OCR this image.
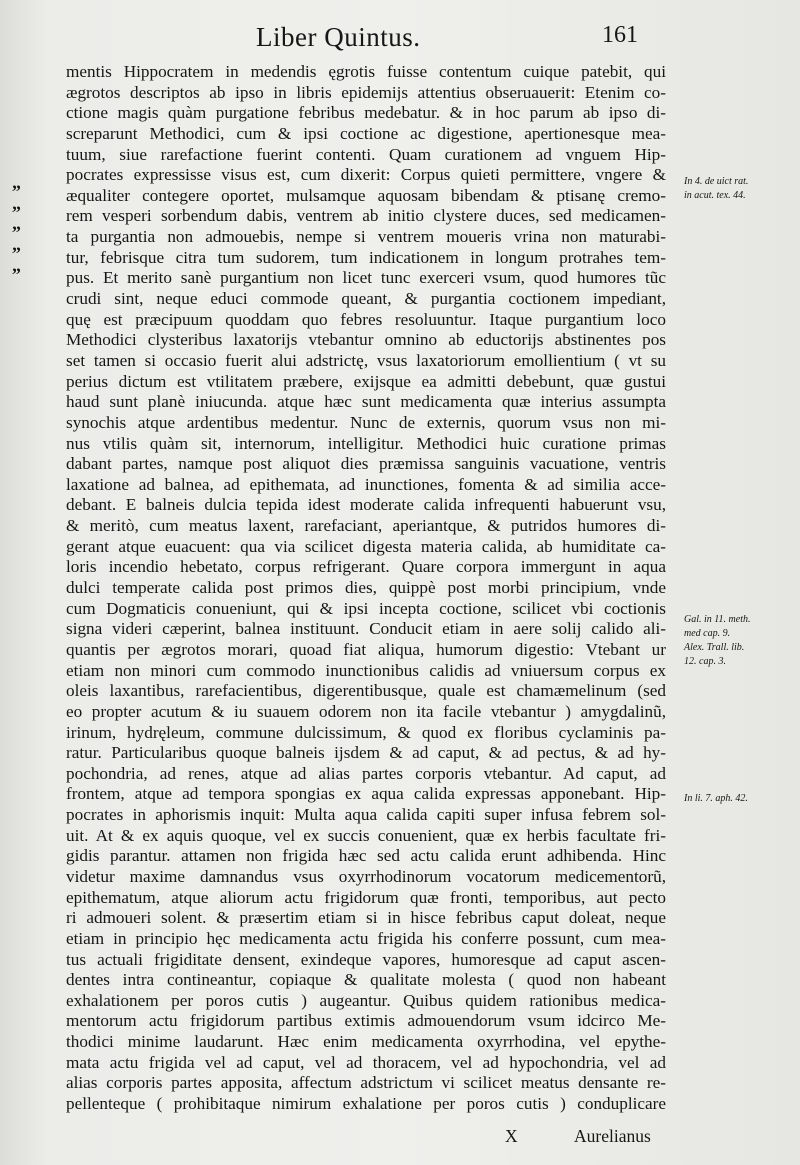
Liber Quintus.	161
„
„
„
„
„
mentis Hippocratem in medendis ęgrotis fuisse contentum cuique patebit, qui
ægrotos descriptos ab ipso in libris epidemijs attentius obseruauerit: Etenim co-
ctione magis quàm purgatione febribus medebatur. & in hoc parum ab ipso di-
screparunt Methodici, cum & ipsi coctione ac digestione, apertionesque mea-
tuum, siue rarefactione fuerint contenti. Quam curationem ad vnguem Hip-
pocrates expressisse visus est, cum dixerit: Corpus quieti permittere, vngere &
æqualiter contegere oportet, mulsamque aquosam bibendam & ptisanę cremo-
rem vesperi sorbendum dabis, ventrem ab initio clystere duces, sed medicamen-
ta purgantia non admouebis, nempe si ventrem moueris vrina non maturabi-
tur, febrisque citra tum sudorem, tum indicationem in longum protrahes tem-
pus. Et merito sanè purgantium non licet tunc exerceri vsum, quod humores tũc
crudi sint, neque educi commode queant, & purgantia coctionem impediant,
quę est præcipuum quoddam quo febres resoluuntur. Itaque purgantium loco
Methodici clysteribus laxatorijs vtebantur omnino ab eductorijs abstinentes pos
set tamen si occasio fuerit alui adstrictę, vsus laxatoriorum emollientium ( vt su
perius dictum est vtilitatem præbere, exijsque ea admitti debebunt, quæ gustui
haud sunt planè iniucunda. atque hæc sunt medicamenta quæ interius assumpta
synochis atque ardentibus medentur. Nunc de externis, quorum vsus non mi-
nus vtilis quàm sit, internorum, intelligitur. Methodici huic curatione primas
dabant partes, namque post aliquot dies præmissa sanguinis vacuatione, ventris
laxatione ad balnea, ad epithemata, ad inunctiones, fomenta & ad similia acce-
debant. E balneis dulcia tepida idest moderate calida infrequenti habuerunt vsu,
& meritò, cum meatus laxent, rarefaciant, aperiantque, & putridos humores di-
gerant atque euacuent: qua via scilicet digesta materia calida, ab humiditate ca-
loris incendio hebetato, corpus refrigerant. Quare corpora immergunt in aqua
dulci temperate calida post primos dies, quippè post morbi principium, vnde
cum Dogmaticis conueniunt, qui & ipsi incepta coctione, scilicet vbi coctionis
signa videri cæperint, balnea instituunt. Conducit etiam in aere solij calido ali-
quantis per ægrotos morari, quoad fiat aliqua, humorum digestio: Vtebant ur
etiam non minori cum commodo inunctionibus calidis ad vniuersum corpus ex
oleis laxantibus, rarefacientibus, digerentibusque, quale est chamæmelinum (sed
eo propter acutum & iu suauem odorem non ita facile vtebantur ) amygdalinũ,
irinum, hydręleum, commune dulcissimum, & quod ex floribus cyclaminis pa-
ratur. Particularibus quoque balneis ijsdem & ad caput, & ad pectus, & ad hy-
pochondria, ad renes, atque ad alias partes corporis vtebantur. Ad caput, ad
frontem, atque ad tempora spongias ex aqua calida expressas apponebant. Hip-
pocrates in aphorismis inquit: Multa aqua calida capiti super infusa febrem sol-
uit. At & ex aquis quoque, vel ex succis conuenient, quæ ex herbis facultate fri-
gidis parantur. attamen non frigida hæc sed actu calida erunt adhibenda. Hinc
videtur maxime damnandus vsus oxyrrhodinorum vocatorum medicementorũ,
epithematum, atque aliorum actu frigidorum quæ fronti, temporibus, aut pecto
ri admoueri solent. & præsertim etiam si in hisce febribus caput doleat, neque
etiam in principio hęc medicamenta actu frigida his conferre possunt, cum mea-
tus actuali frigiditate densent, exindeque vapores, humoresque ad caput ascen-
dentes intra contineantur, copiaque & qualitate molesta ( quod non habeant
exhalationem per poros cutis ) augeantur. Quibus quidem rationibus medica-
mentorum actu frigidorum partibus extimis admouendorum vsum idcirco Me-
thodici minime laudarunt. Hæc enim medicamenta oxyrrhodina, vel epythe-
mata actu frigida vel ad caput, vel ad thoracem, vel ad hypochondria, vel ad
alias corporis partes apposita, affectum adstrictum vi scilicet meatus densante re-
pellenteque ( prohibitaque nimirum exhalatione per poros cutis ) conduplicare
In 4. de uict rat.
in acut. tex. 44.
Gal. in 11. meth.
med cap. 9.
Alex. Trall. lib.
12. cap. 3.
In li. 7. aph. 42.
X	Aurelianus
